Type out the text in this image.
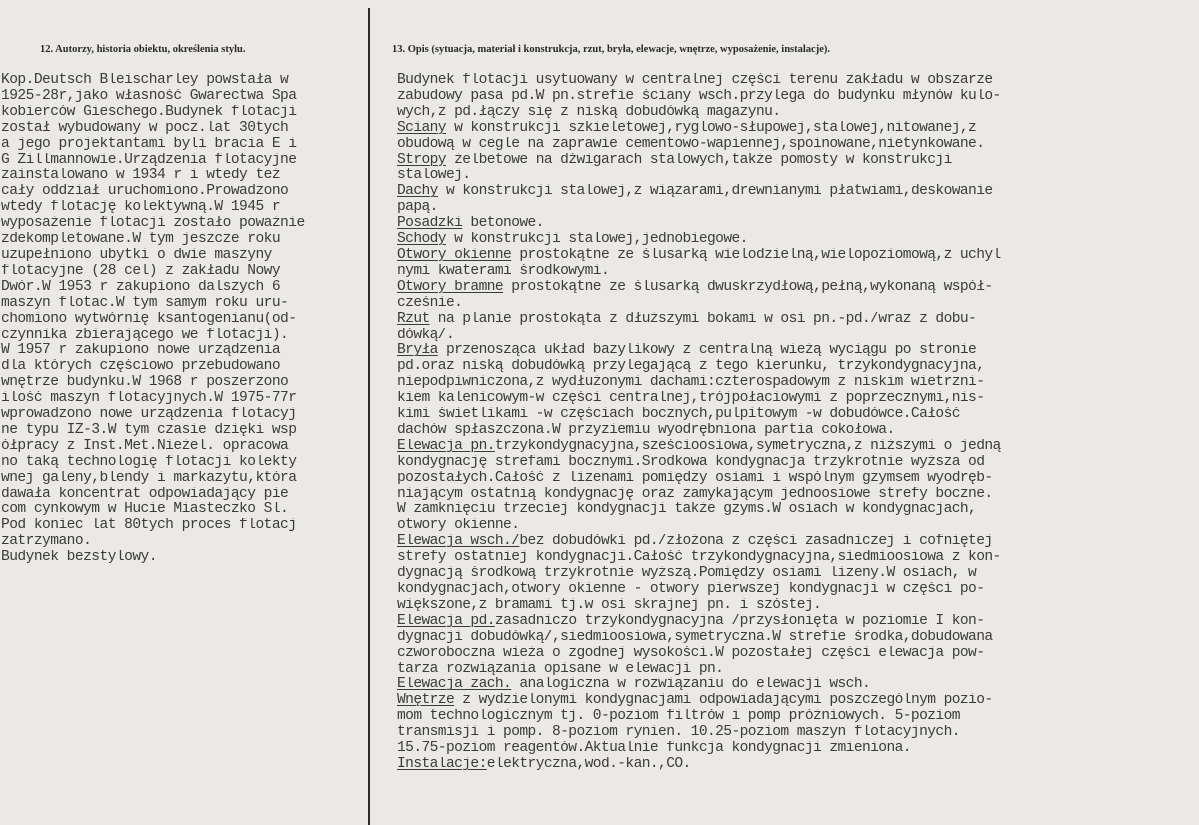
12. Autorzy, historia obiektu, określenia stylu.	13. Opis (sytuacja, materiał i konstrukcja, rzut, bryła, elewacje, wnętrze, wyposażenie, instalacje).
Kop.Deutsch Bleischarley powstała w
1925-28r,jako własność Gwarectwa Spa
kobierców Gieschego.Budynek flotacji
został wybudowany w pocz.lat 30tych
a jego projektantami byli bracia E i
G Zillmannowie.Urządzenia flotacyjne
zainstalowano w 1934 r i wtedy też
cały oddział uruchomiono.Prowadzono
wtedy flotację kolektywną.W 1945 r
wyposażenie flotacji zostało poważnie
zdekompletowane.W tym jeszcze roku
uzupełniono ubytki o dwie maszyny
flotacyjne (28 cel) z zakładu Nowy
Dwór.W 1953 r zakupiono dalszych 6
maszyn flotac.W tym samym roku uru-
chomiono wytwórnię ksantogenianu(od-
czynnika zbierającego we flotacji).
W 1957 r zakupiono nowe urządzenia
dla których częściowo przebudowano
wnętrze budynku.W 1968 r poszerzono
ilość maszyn flotacyjnych.W 1975-77r
wprowadzono nowe urządzenia flotacyj
ne typu IZ-3.W tym czasie dzięki wsp
ółpracy z Inst.Met.Nieżel. opracowa
no taką technologię flotacji kolekty
wnej galeny,blendy i markazytu,która
dawała koncentrat odpowiadający pie
com cynkowym w Hucie Miasteczko Sl.
Pod koniec lat 80tych proces flotacj
zatrzymano.
Budynek bezstylowy.
Budynek flotacji usytuowany w centralnej części terenu zakładu w obszarze
zabudowy pasa pd.W pn.strefie ściany wsch.przylega do budynku młynów kulo-
wych,z pd.łączy się z niską dobudówką magazynu.
Ściany w konstrukcji szkieletowej,ryglowo-słupowej,stalowej,nitowanej,z
obudową w cegle na zaprawie cementowo-wapiennej,spoinowane,nietynkowane.
Stropy żelbetowe na dźwigarach stalowych,także pomosty w konstrukcji
stalowej.
Dachy w konstrukcji stalowej,z wiązarami,drewnianymi płatwiami,deskowanie
papą.
Posadzki betonowe.
Schody w konstrukcji stalowej,jednobiegowe.
Otwory okienne prostokątne ze ślusarką wielodzielną,wielopoziomową,z uchyl
nymi kwaterami środkowymi.
Otwory bramne prostokątne ze ślusarką dwuskrzydłową,pełną,wykonaną współ-
cześnie.
Rzut na planie prostokąta z dłuższymi bokami w osi pn.-pd./wraz z dobu-
dówką/.
Bryła przenosząca układ bazylikowy z centralną wieżą wyciągu po stronie
pd.oraz niską dobudówką przylegającą z tego kierunku, trzykondygnacyjna,
niepodpiwniczona,z wydłużonymi dachami:czterospadowym z niskim wietrzni-
kiem kalenicowym-w części centralnej,trójpołaciowymi z poprzecznymi,nis-
kimi świetlikami -w częściach bocznych,pulpitowym -w dobudówce.Całość
dachów spłaszczona.W przyziemiu wyodrębniona partia cokołowa.
Elewacja pn.trzykondygnacyjna,sześcioosiowa,symetryczna,z niższymi o jedną
kondygnację strefami bocznymi.Środkowa kondygnacja trzykrotnie wyższa od
pozostałych.Całość z lizenami pomiędzy osiami i wspólnym gzymsem wyodręb-
niającym ostatnią kondygnację oraz zamykającym jednoosiowe strefy boczne.
W zamknięciu trzeciej kondygnacji także gzyms.W osiach w kondygnacjach,
otwory okienne.
Elewacja wsch./bez dobudówki pd./złożona z części zasadniczej i cofniętej
strefy ostatniej kondygnacji.Całość trzykondygnacyjna,siedmioosiowa z kon-
dygnacją środkową trzykrotnie wyższą.Pomiędzy osiami lizeny.W osiach, w
kondygnacjach,otwory okienne - otwory pierwszej kondygnacji w części po-
większone,z bramami tj.w osi skrajnej pn. i szóstej.
Elewacja pd.zasadniczo trzykondygnacyjna /przysłonięta w poziomie I kon-
dygnacji dobudówką/,siedmioosiowa,symetryczna.W strefie środka,dobudowana
czworoboczna wieża o zgodnej wysokości.W pozostałej części elewacja pow-
tarza rozwiązania opisane w elewacji pn.
Elewacja zach. analogiczna w rozwiązaniu do elewacji wsch.
Wnętrze z wydzielonymi kondygnacjami odpowiadającymi poszczególnym pozio-
mom technologicznym tj. 0-poziom filtrów i pomp próżniowych. 5-poziom
transmisji i pomp. 8-poziom rynien. 10.25-poziom maszyn flotacyjnych.
15.75-poziom reagentów.Aktualnie funkcja kondygnacji zmieniona.
Instalacje:elektryczna,wod.-kan.,CO.
